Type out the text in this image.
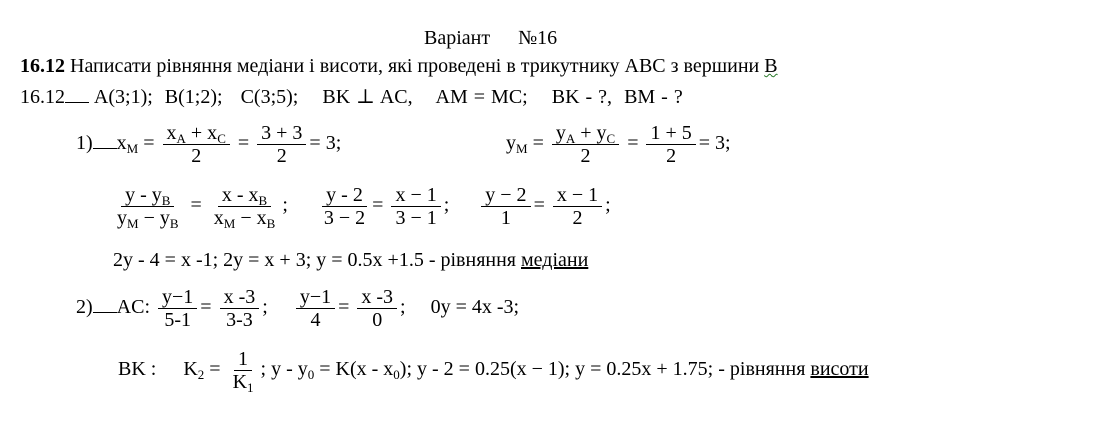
Варіант №16
16.12 Написати рівняння медіани і висоти, які проведені в трикутнику АВС з вершини В
16.12 A(3;1); B(1;2); C(3;5); BK ⊥ AC, AM = MC; BK - ?, BM - ?
1) $x_M = \frac{x_A + x_C}{2} = \frac{3 + 3}{2} = 3$;	$y_M = \frac{y_A + y_C}{2} = \frac{1 + 5}{2} = 3$;
$\frac{y - y_B}{y_M - y_B} = \frac{x - x_B}{x_M - x_B}$ ; $\frac{y - 2}{3 - 2} = \frac{x - 1}{3 - 1}$ ; $\frac{y - 2}{1} = \frac{x - 1}{2}$ ;
2y - 4 = x -1; 2y = x + 3; y = 0.5x +1.5 - рівняння медіани
2) AC: $\frac{y-1}{5-1} = \frac{x -3}{3-3}$ ; $\frac{y-1}{4} = \frac{x -3}{0}$ ; 0y = 4x -3;
BK : $K_2 = \frac{1}{K_1}$ ; $y - y_0 = K(x - x_0)$; y - 2 = 0.25(x − 1); y = 0.25x + 1.75; - рівняння висоти
